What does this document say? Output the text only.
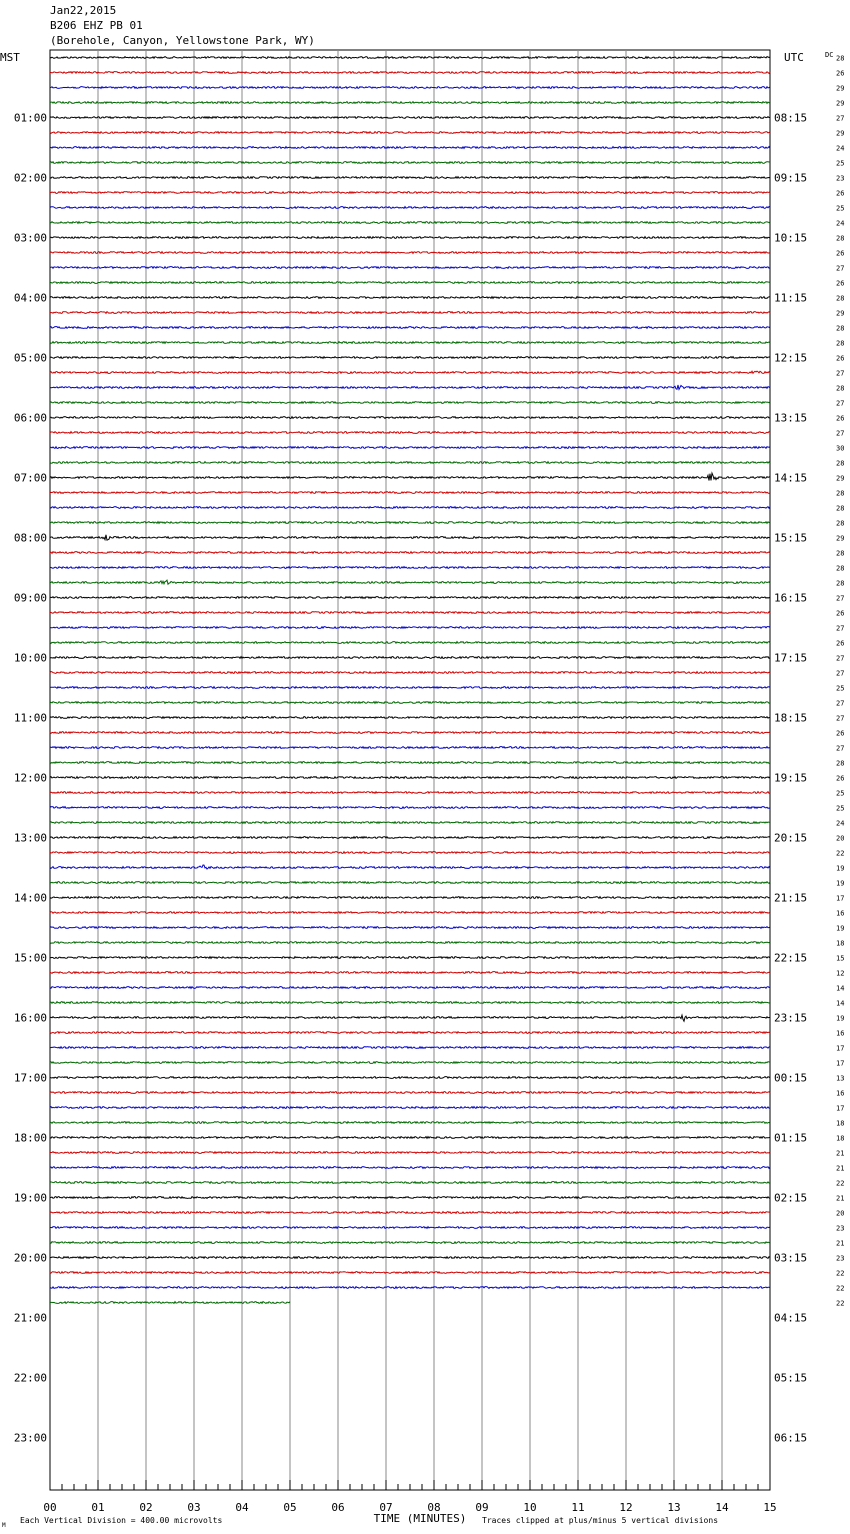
Jan22,2015
B206 EHZ PB 01
(Borehole, Canyon, Yellowstone Park, WY)
MST	UTC	DC
01:00
02:00
03:00
04:00
05:00
06:00
07:00
08:00
09:00
10:00
11:00
12:00
13:00
14:00
15:00
16:00
17:00
18:00
19:00
20:00
21:00
22:00
23:00
08:15
09:15
10:15
11:15
12:15
13:15
14:15
15:15
16:15
17:15
18:15
19:15
20:15
21:15
22:15
23:15
00:15
01:15
02:15
03:15
04:15
05:15
06:15
28
26
29
29
27
29
24
25
23
26
25
24
28
26
27
26
28
29
28
28
26
27
28
27
26
27
30
28
29
28
28
28
29
28
28
28
27
26
27
26
27
27
25
27
27
26
27
28
26
25
25
24
20
22
19
19
17
16
19
18
15
12
14
14
19
16
17
17
13
16
17
18
18
21
21
22
21
20
23
21
23
22
22
22
00	01	02	03	04	05	06	07	08	09	10	11	12	13	14	15
TIME (MINUTES)
Each Vertical Division = 400.00 microvolts	Traces clipped at plus/minus 5 vertical divisions
M
